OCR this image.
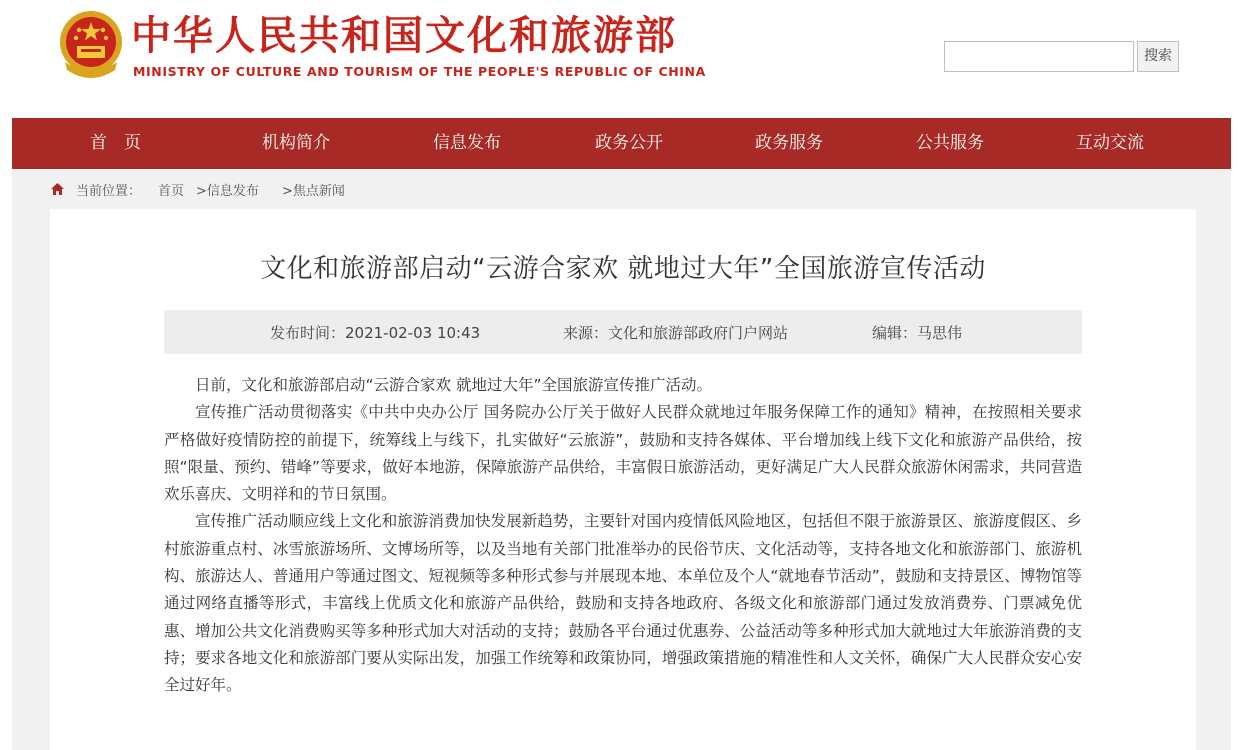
中华人民共和国文化和旅游部
MINISTRY OF CULTURE AND TOURISM OF THE PEOPLE'S REPUBLIC OF CHINA
搜索
首　页	机构简介	信息发布	政务公开	政务服务	公共服务	互动交流
当前位置： 首页 >信息发布 >焦点新闻
文化和旅游部启动“云游合家欢 就地过大年”全国旅游宣传活动
发布时间：2021-02-03 10:43	来源：文化和旅游部政府门户网站	编辑：马思伟

日前，文化和旅游部启动“云游合家欢 就地过大年”全国旅游宣传推广活动。

宣传推广活动贯彻落实《中共中央办公厅 国务院办公厅关于做好人民群众就地过年服务保障工作的通知》精神，在按照相关要求严格做好疫情防控的前提下，统筹线上与线下，扎实做好“云旅游”，鼓励和支持各媒体、平台增加线上线下文化和旅游产品供给，按照“限量、预约、错峰”等要求，做好本地游，保障旅游产品供给，丰富假日旅游活动，更好满足广大人民群众旅游休闲需求，共同营造欢乐喜庆、文明祥和的节日氛围。

宣传推广活动顺应线上文化和旅游消费加快发展新趋势，主要针对国内疫情低风险地区，包括但不限于旅游景区、旅游度假区、乡村旅游重点村、冰雪旅游场所、文博场所等，以及当地有关部门批准举办的民俗节庆、文化活动等，支持各地文化和旅游部门、旅游机构、旅游达人、普通用户等通过图文、短视频等多种形式参与并展现本地、本单位及个人“就地春节活动”，鼓励和支持景区、博物馆等通过网络直播等形式，丰富线上优质文化和旅游产品供给，鼓励和支持各地政府、各级文化和旅游部门通过发放消费券、门票减免优惠、增加公共文化消费购买等多种形式加大对活动的支持；鼓励各平台通过优惠券、公益活动等多种形式加大就地过大年旅游消费的支持；要求各地文化和旅游部门要从实际出发，加强工作统筹和政策协同，增强政策措施的精准性和人文关怀，确保广大人民群众安心安全过好年。
